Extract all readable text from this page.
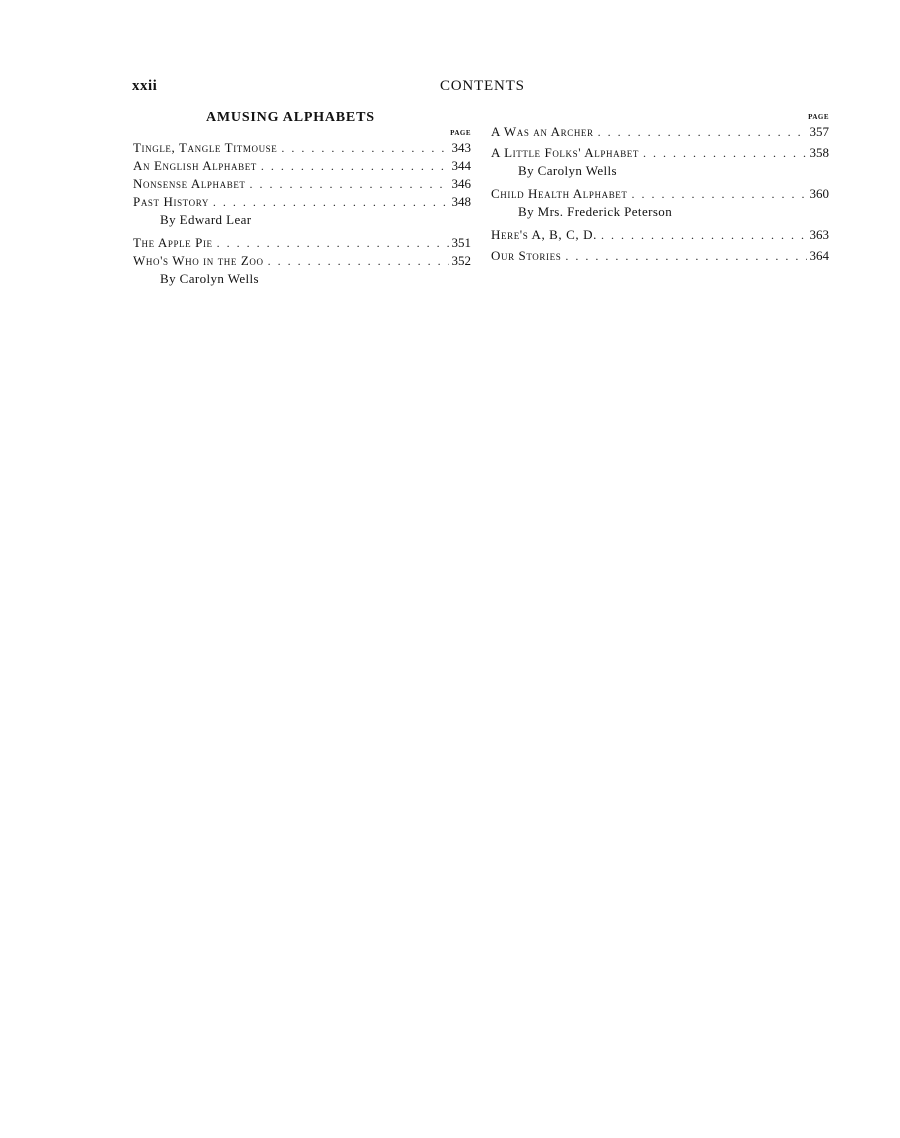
xxii	CONTENTS
AMUSING ALPHABETS
PAGE
Tingle, Tangle Titmouse . . .	343
An English Alphabet . . .	344
Nonsense Alphabet . . .	346
Past History . . .	348
By Edward Lear
The Apple Pie . . .	351
Who's Who in the Zoo . . .	352
By Carolyn Wells
PAGE
A Was an Archer . . .	357
A Little Folks' Alphabet . . .	358
By Carolyn Wells
Child Health Alphabet . . .	360
By Mrs. Frederick Peterson
Here's A, B, C, D. . . .	363
Our Stories . . .	364
